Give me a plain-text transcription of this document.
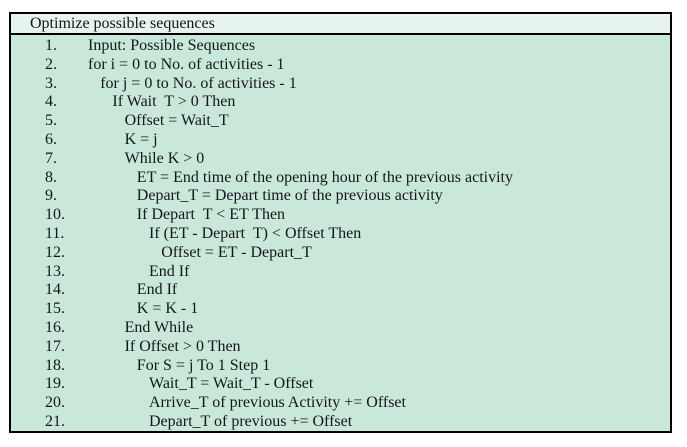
Optimize possible sequences
1.	Input: Possible Sequences
2.	for i = 0 to No. of activities - 1
3.	for j = 0 to No. of activities - 1
4.	If Wait  T > 0 Then
5.	Offset = Wait_T
6.	K = j
7.	While K > 0
8.	ET = End time of the opening hour of the previous activity
9.	Depart_T = Depart time of the previous activity
10.	If Depart  T < ET Then
11.	If (ET - Depart  T) < Offset Then
12.	Offset = ET - Depart_T
13.	End If
14.	End If
15.	K = K - 1
16.	End While
17.	If Offset > 0 Then
18.	For S = j To 1 Step 1
19.	Wait_T = Wait_T - Offset
20.	Arrive_T of previous Activity += Offset
21.	Depart_T of previous += Offset
